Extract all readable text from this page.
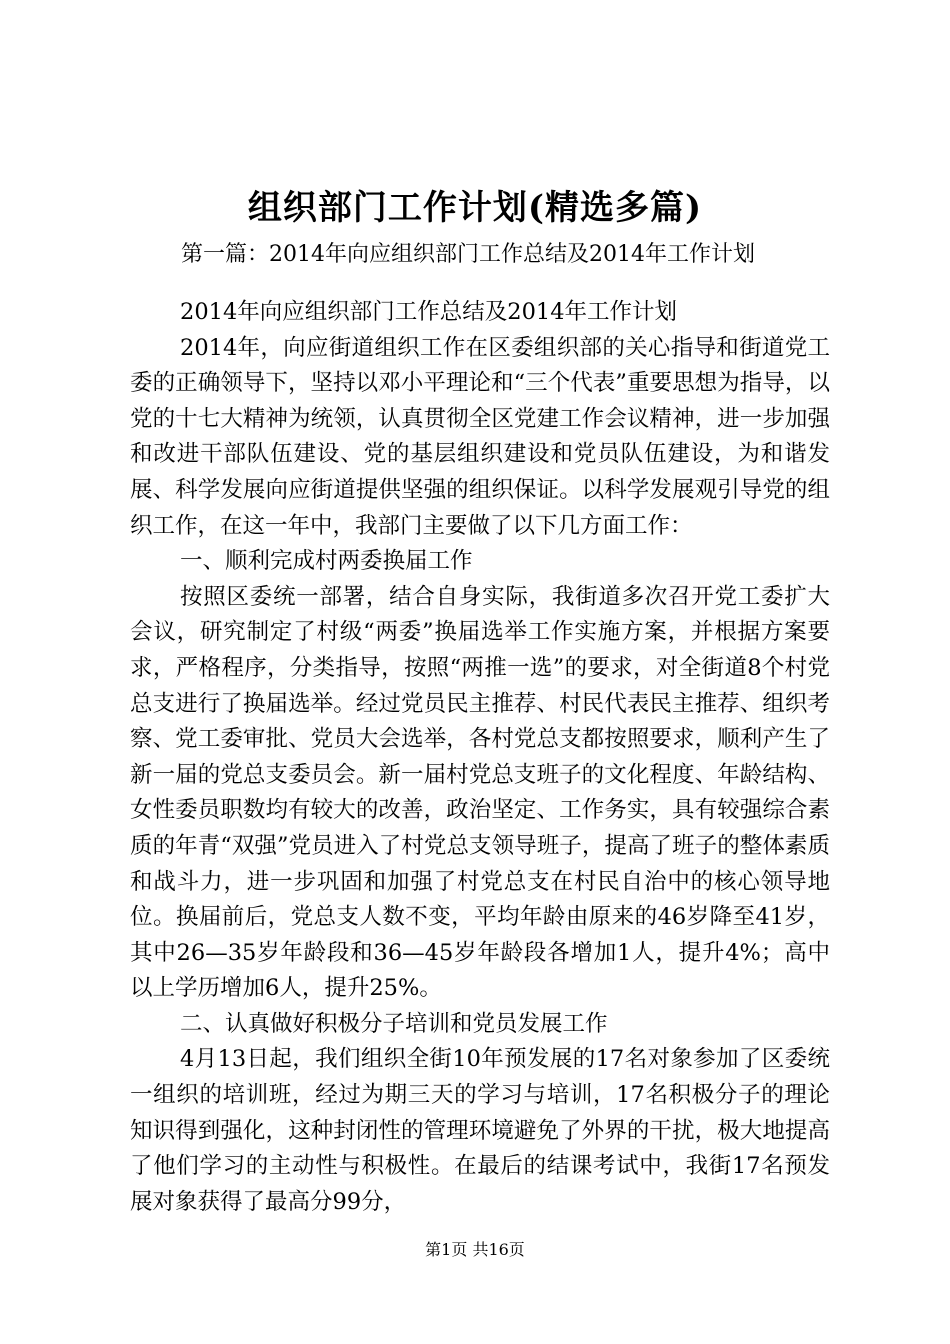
组织部门工作计划(精选多篇)
第一篇：2014年向应组织部门工作总结及2014年工作计划

2014年向应组织部门工作总结及2014年工作计划

2014年，向应街道组织工作在区委组织部的关心指导和街道党工委的正确领导下，坚持以邓小平理论和“三个代表”重要思想为指导，以党的十七大精神为统领，认真贯彻全区党建工作会议精神，进一步加强和改进干部队伍建设、党的基层组织建设和党员队伍建设，为和谐发展、科学发展向应街道提供坚强的组织保证。以科学发展观引导党的组织工作，在这一年中，我部门主要做了以下几方面工作：

一、顺利完成村两委换届工作

按照区委统一部署，结合自身实际，我街道多次召开党工委扩大会议，研究制定了村级“两委”换届选举工作实施方案，并根据方案要求，严格程序，分类指导，按照“两推一选”的要求，对全街道8个村党总支进行了换届选举。经过党员民主推荐、村民代表民主推荐、组织考察、党工委审批、党员大会选举，各村党总支都按照要求，顺利产生了新一届的党总支委员会。新一届村党总支班子的文化程度、年龄结构、女性委员职数均有较大的改善，政治坚定、工作务实，具有较强综合素质的年青“双强”党员进入了村党总支领导班子，提高了班子的整体素质和战斗力，进一步巩固和加强了村党总支在村民自治中的核心领导地位。换届前后，党总支人数不变，平均年龄由原来的46岁降至41岁，其中26—35岁年龄段和36—45岁年龄段各增加1人，提升4%；高中以上学历增加6人，提升25%。

二、认真做好积极分子培训和党员发展工作

4月13日起，我们组织全街10年预发展的17名对象参加了区委统一组织的培训班，经过为期三天的学习与培训，17名积极分子的理论知识得到强化，这种封闭性的管理环境避免了外界的干扰，极大地提高了他们学习的主动性与积极性。在最后的结课考试中，我街17名预发展对象获得了最高分99分，

第1页 共16页
